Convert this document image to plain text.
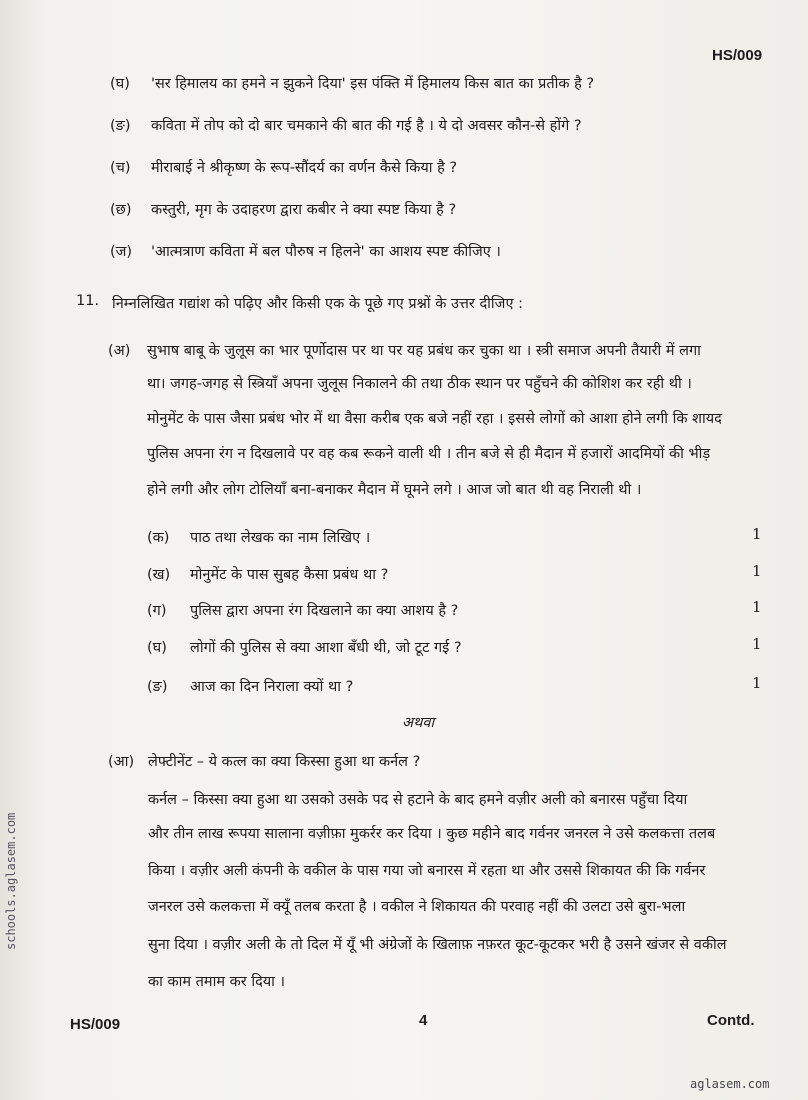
HS/009
(घ) 'सर हिमालय का हमने न झुकने दिया' इस पंक्ति में हिमालय किस बात का प्रतीक है ?
(ङ) कविता में तोप को दो बार चमकाने की बात की गई है । ये दो अवसर कौन-से होंगे ?
(च) मीराबाई ने श्रीकृष्ण के रूप-सौंदर्य का वर्णन कैसे किया है ?
(छ) कस्तुरी, मृग के उदाहरण द्वारा कबीर ने क्या स्पष्ट किया है ?
(ज) 'आत्मत्राण कविता में बल पौरुष न हिलने' का आशय स्पष्ट कीजिए ।
11. निम्नलिखित गद्यांश को पढ़िए और किसी एक के पूछे गए प्रश्नों के उत्तर दीजिए :
(अ) सुभाष बाबू के जुलूस का भार पूर्णोदास पर था पर यह प्रबंध कर चुका था । स्त्री समाज अपनी तैयारी में लगा
था। जगह-जगह से स्त्रियाँ अपना जुलूस निकालने की तथा ठीक स्थान पर पहुँचने की कोशिश कर रही थी ।
मोनुमेंट के पास जैसा प्रबंध भोर में था वैसा करीब एक बजे नहीं रहा । इससे लोगों को आशा होने लगी कि शायद
पुलिस अपना रंग न दिखलावे पर वह कब रूकने वाली थी । तीन बजे से ही मैदान में हजारों आदमियों की भीड़
होने लगी और लोग टोलियाँ बना-बनाकर मैदान में घूमने लगे । आज जो बात थी वह निराली थी ।
(क) पाठ तथा लेखक का नाम लिखिए ।	1
(ख) मोनुमेंट के पास सुबह कैसा प्रबंध था ?	1
(ग) पुलिस द्वारा अपना रंग दिखलाने का क्या आशय है ?	1
(घ) लोगों की पुलिस से क्या आशा बँधी थी, जो टूट गई ?	1
(ङ) आज का दिन निराला क्यों था ?	1
अथवा
(आ) लेफ्टीनेंट – ये कत्ल का क्या किस्सा हुआ था कर्नल ?
कर्नल – किस्सा क्या हुआ था उसको उसके पद से हटाने के बाद हमने वज़ीर अली को बनारस पहुँचा दिया
और तीन लाख रूपया सालाना वज़ीफ़ा मुकर्रर कर दिया । कुछ महीने बाद गर्वनर जनरल ने उसे कलकत्ता तलब
किया । वज़ीर अली कंपनी के वकील के पास गया जो बनारस में रहता था और उससे शिकायत की कि गर्वनर
जनरल उसे कलकत्ता में क्यूँ तलब करता है । वकील ने शिकायत की परवाह नहीं की उलटा उसे बुरा-भला
सुना दिया । वज़ीर अली के तो दिल में यूँ भी अंग्रेजों के खिलाफ़ नफ़रत कूट-कूटकर भरी है उसने खंजर से वकील
का काम तमाम कर दिया ।
HS/009	4	Contd.
schools.aglasem.com
aglasem.com
